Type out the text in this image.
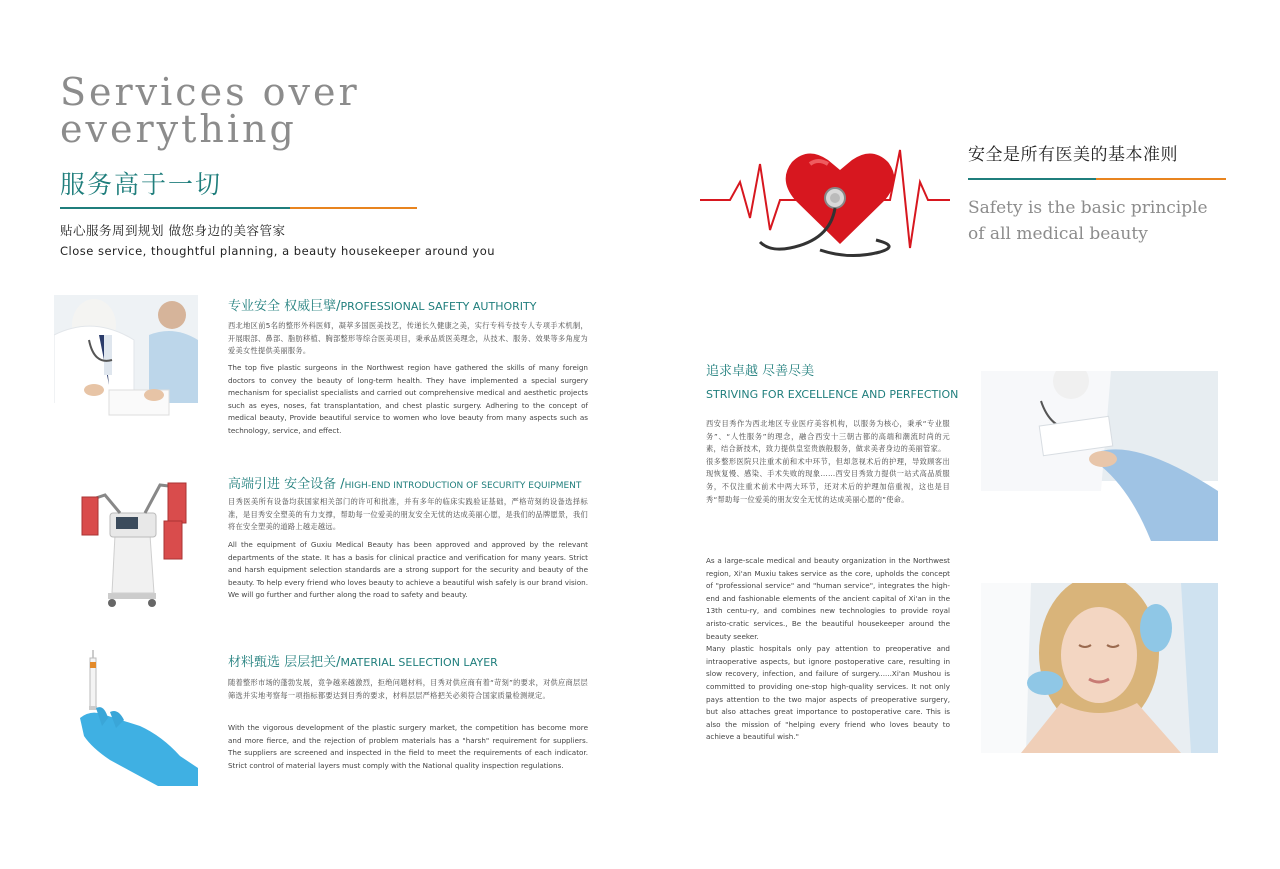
Services over
everything
服务高于一切
贴心服务周到规划 做您身边的美容管家
Close service, thoughtful planning, a beauty housekeeper around you
专业安全 权威巨擘/PROFESSIONAL SAFETY AUTHORITY
西北地区前5名的整形外科医师，凝萃多国医美技艺，传递长久健康之美，实行专科专技专人专项手术机制，开展眼部、鼻部、脂肪移植、胸部整形等综合医美项目，秉承品质医美理念，从技术、服务、效果等多角度为爱美女性提供美丽服务。
The top five plastic surgeons in the Northwest region have gathered the skills of many foreign doctors to convey the beauty of long-term health. They have implemented a special surgery mechanism for specialist specialists and carried out comprehensive medical and aesthetic projects such as eyes, noses, fat transplantation, and chest plastic surgery. Adhering to the concept of medical beauty, Provide beautiful service to women who love beauty from many aspects such as technology, service, and effect.
高端引进 安全设备 /HIGH-END INTRODUCTION OF SECURITY EQUIPMENT
目秀医美所有设备均获国家相关部门的许可和批准，并有多年的临床实践验证基础，严格苛刻的设备选择标准，是目秀安全塑美的有力支撑，帮助每一位爱美的朋友安全无忧的达成美丽心愿，是我们的品牌愿景，我们将在安全塑美的道路上越走越远。
All the equipment of Guxiu Medical Beauty has been approved and approved by the relevant departments of the state. It has a basis for clinical practice and verification for many years. Strict and harsh equipment selection standards are a strong support for the security and beauty of the beauty. To help every friend who loves beauty to achieve a beautiful wish safely is our brand vision. We will go further and further along the road to safety and beauty.
材料甄选 层层把关/MATERIAL SELECTION LAYER
随着整形市场的蓬勃发展，竟争越来越激烈，拒绝问题材料，目秀对供应商有着“苛刻”的要求，对供应商层层筛选并实地考察每一项指标都要达到目秀的要求，材料层层严格把关必须符合国家质量检测规定。
With the vigorous development of the plastic surgery market, the competition has become more and more fierce, and the rejection of problem materials has a "harsh" requirement for suppliers. The suppliers are screened and inspected in the field to meet the requirements of each indicator. Strict control of material layers must comply with the National quality inspection regulations.
安全是所有医美的基本准则
Safety is the basic principle
of all medical beauty
追求卓越 尽善尽美
STRIVING FOR EXCELLENCE AND PERFECTION
西安目秀作为西北地区专业医疗美容机构，以服务为核心，秉承“专业服务”、“人性服务”的理念，融合西安十三朝古都的高端和潮流时尚的元素，结合新技术，致力提供皇室贵族般服务，做求美者身边的美丽管家。
很多整形医院只注重术前和术中环节，但却忽视术后的护理，导致顾客出现恢复慢、感染、手术失败的现象……西安目秀致力提供一站式高品质服务，不仅注重术前术中两大环节，还对术后的护理加倍重视，这也是目秀“帮助每一位爱美的朋友安全无忧的达成美丽心愿的”使命。
As a large-scale medical and beauty organization in the Northwest region, Xi'an Muxiu takes service as the core, upholds the concept of "professional service" and "human service", integrates the high-end and fashionable elements of the ancient capital of Xi'an in the 13th centu-ry, and combines new technologies to provide royal aristo-cratic services., Be the beautiful housekeeper around the beauty seeker.
Many plastic hospitals only pay attention to preoperative and intraoperative aspects, but ignore postoperative care, resulting in slow recovery, infection, and failure of surgery......Xi'an Mushou is committed to providing one-stop high-quality services. It not only pays attention to the two major aspects of preoperative surgery, but also attaches great importance to postoperative care. This is also the mission of "helping every friend who loves beauty to achieve a beautiful wish."
